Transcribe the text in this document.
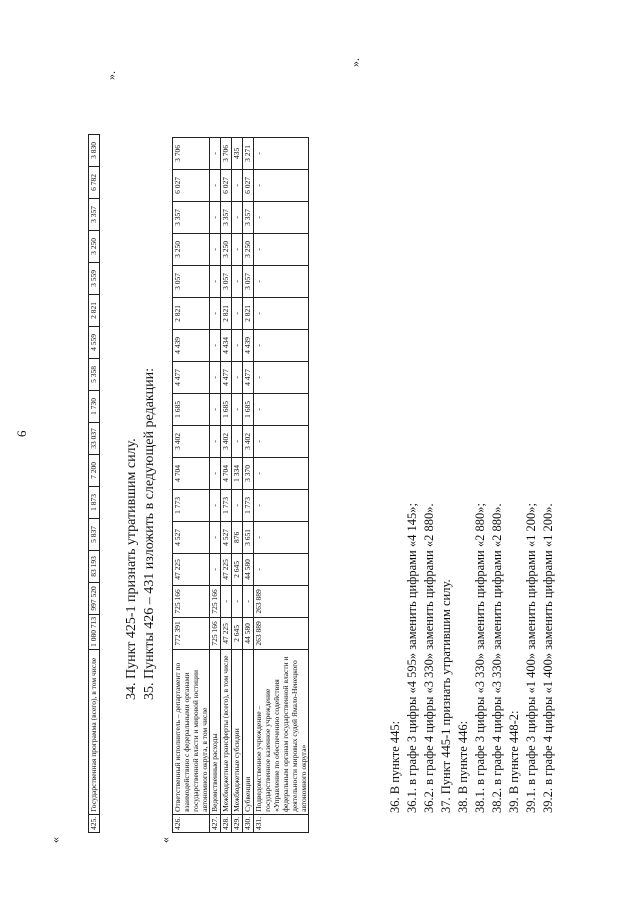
6
«
425.	Государственная программа (всего), в том числе	1 080 713	997 520	83 193	5 837	1 873	7 200	33 037	1 730	5 358	4 559	2 821	3 559	3 250	3 357	6 782	3 830
».
34. Пункт 425-1 признать утратившим силу. 35. Пункты 426 – 431 изложить в следующей редакции:
«
426.	Ответственный исполнитель – департамент по взаимодействию с федеральными органами государственной власти и мировой юстиции автономного округа, в том числе	772 391	725 166	47 225	4 527	1 773	4 704	3 402	1 685	4 477	4 439	2 821	3 057	3 250	3 357	6 027	3 706
427.	Ведомственные расходы	725 166	725 166	-	-	-	-	-	-	-	-	-	-	-	-	-	-
428.	Межбюджетные трансферты (всего), в том числе	47 225	-	47 225	4 527	1 773	4 704	3 402	1 685	4 477	4 434	2 821	3 057	3 250	3 357	6 027	3 706
429.	Межбюджетные субсидии	2 645	-	2 645	876	-	1 334	-	-	-	-	-	-	-	-	-	435
430.	Субвенции	44 580	-	44 580	3 651	1 773	3 370	3 402	1 685	4 477	4 439	2 821	3 057	3 250	3 357	6 027	3 271
431.	Подведомственное учреждение – государственное казенное учреждение «Управление по обеспечению содействия федеральным органам государственной власти и деятельности мировых судей Ямало-Ненецкого автономного округа»	263 889	263 889	-	-	-	-	-	-	-	-	-	-	-	-	-	-
».
36. В пункте 445: 36.1. в графе 3 цифры «4 595» заменить цифрами «4 145»; 36.2. в графе 4 цифры «3 330» заменить цифрами «2 880». 37. Пункт 445-1 признать утратившим силу. 38. В пункте 446: 38.1. в графе 3 цифры «3 330» заменить цифрами «2 880»; 38.2. в графе 4 цифры «3 330» заменить цифрами «2 880». 39. В пункте 448-2: 39.1. в графе 3 цифры «1 400» заменить цифрами «1 200»; 39.2. в графе 4 цифры «1 400» заменить цифрами «1 200».
